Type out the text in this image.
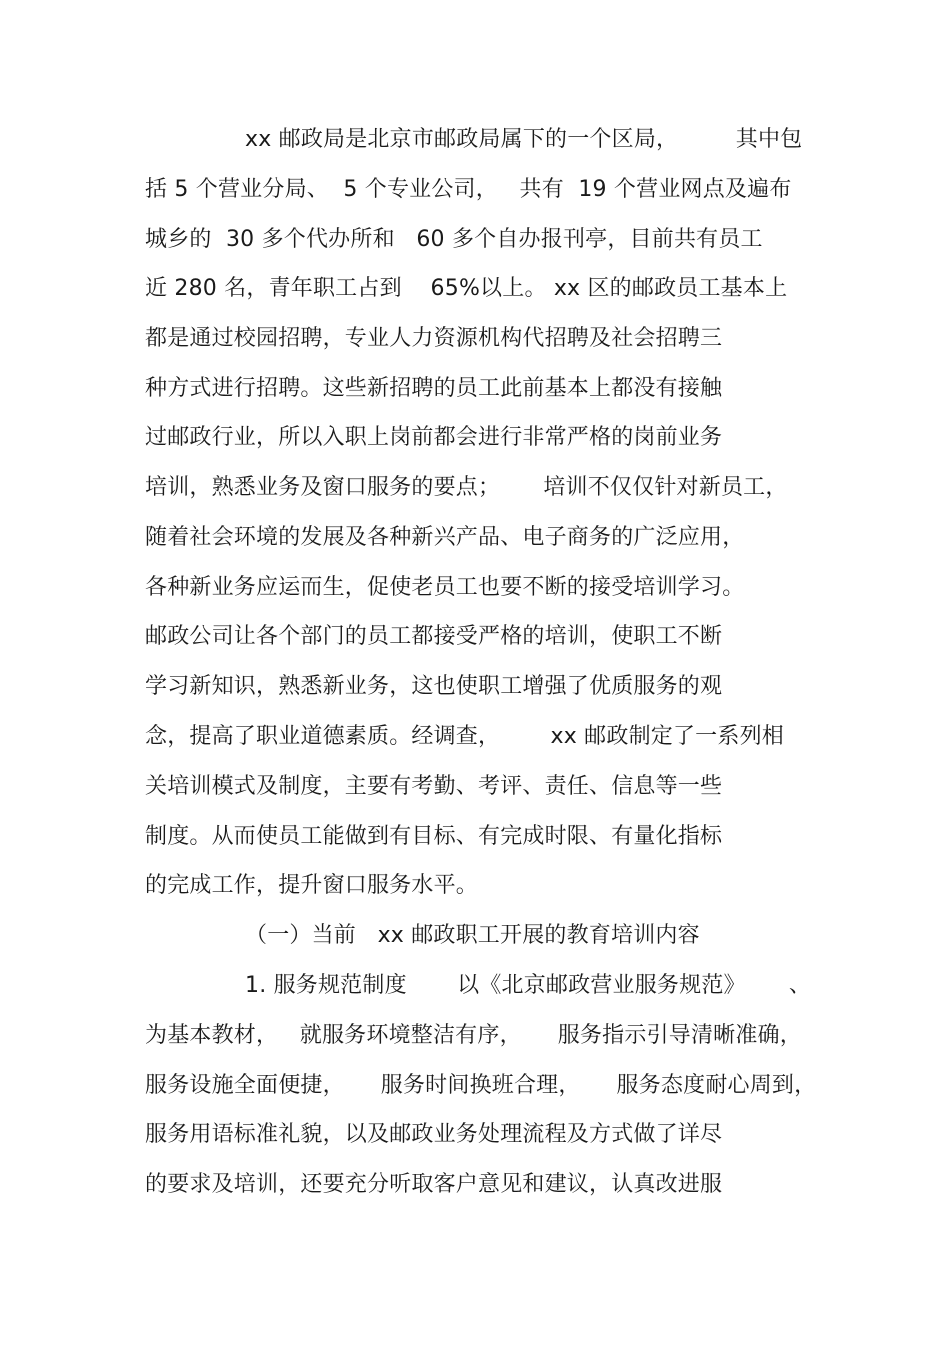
xx 邮政局是北京市邮政局属下的一个区局，        其中包
括 5 个营业分局、  5 个专业公司，   共有  19 个营业网点及遍布
城乡的  30 多个代办所和   60 多个自办报刊亭，目前共有员工
近 280 名，青年职工占到    65%以上。 xx 区的邮政员工基本上
都是通过校园招聘，专业人力资源机构代招聘及社会招聘三
种方式进行招聘。这些新招聘的员工此前基本上都没有接触
过邮政行业，所以入职上岗前都会进行非常严格的岗前业务
培训，熟悉业务及窗口服务的要点；      培训不仅仅针对新员工，
随着社会环境的发展及各种新兴产品、电子商务的广泛应用，
各种新业务应运而生，促使老员工也要不断的接受培训学习。
邮政公司让各个部门的员工都接受严格的培训，使职工不断
学习新知识，熟悉新业务，这也使职工增强了优质服务的观
念，提高了职业道德素质。经调查，       xx 邮政制定了一系列相
关培训模式及制度，主要有考勤、考评、责任、信息等一些
制度。从而使员工能做到有目标、有完成时限、有量化指标
的完成工作，提升窗口服务水平。
（一）当前   xx 邮政职工开展的教育培训内容
1. 服务规范制度       以《北京邮政营业服务规范》      、
为基本教材，   就服务环境整洁有序，     服务指示引导清晰准确，
服务设施全面便捷，     服务时间换班合理，     服务态度耐心周到，
服务用语标准礼貌，以及邮政业务处理流程及方式做了详尽
的要求及培训，还要充分听取客户意见和建议，认真改进服
